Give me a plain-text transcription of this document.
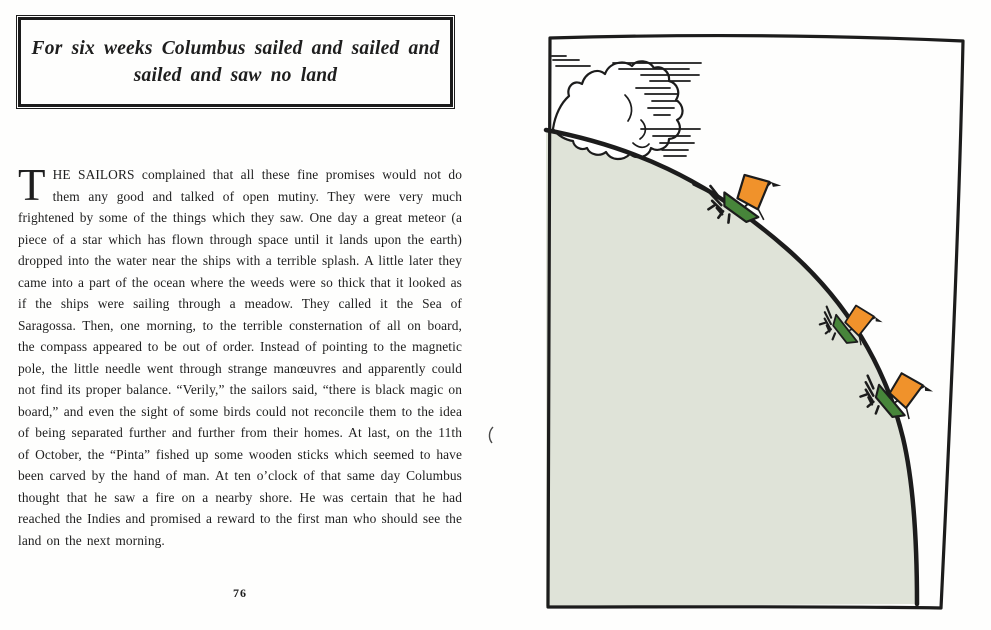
For six weeks Columbus sailed and sailed and
sailed and saw no land

THE SAILORS complained that all these fine promises would not do them any good and talked of open mutiny. They were very much frightened by some of the things which they saw. One day a great meteor (a piece of a star which has flown through space until it lands upon the earth) dropped into the water near the ships with a terrible splash. A little later they came into a part of the ocean where the weeds were so thick that it looked as if the ships were sailing through a meadow. They called it the Sea of Saragossa. Then, one morning, to the terrible consternation of all on board, the compass appeared to be out of order. Instead of pointing to the magnetic pole, the little needle went through strange manœuvres and apparently could not find its proper balance. “Verily,” the sailors said, “there is black magic on board,” and even the sight of some birds could not reconcile them to the idea of being separated further and further from their homes. At last, on the 11th of October, the “Pinta” fished up some wooden sticks which seemed to have been carved by the hand of man. At ten o’clock of that same day Columbus thought that he saw a fire on a nearby shore. He was certain that he had reached the Indies and promised a reward to the first man who should see the land on the next morning.

76
